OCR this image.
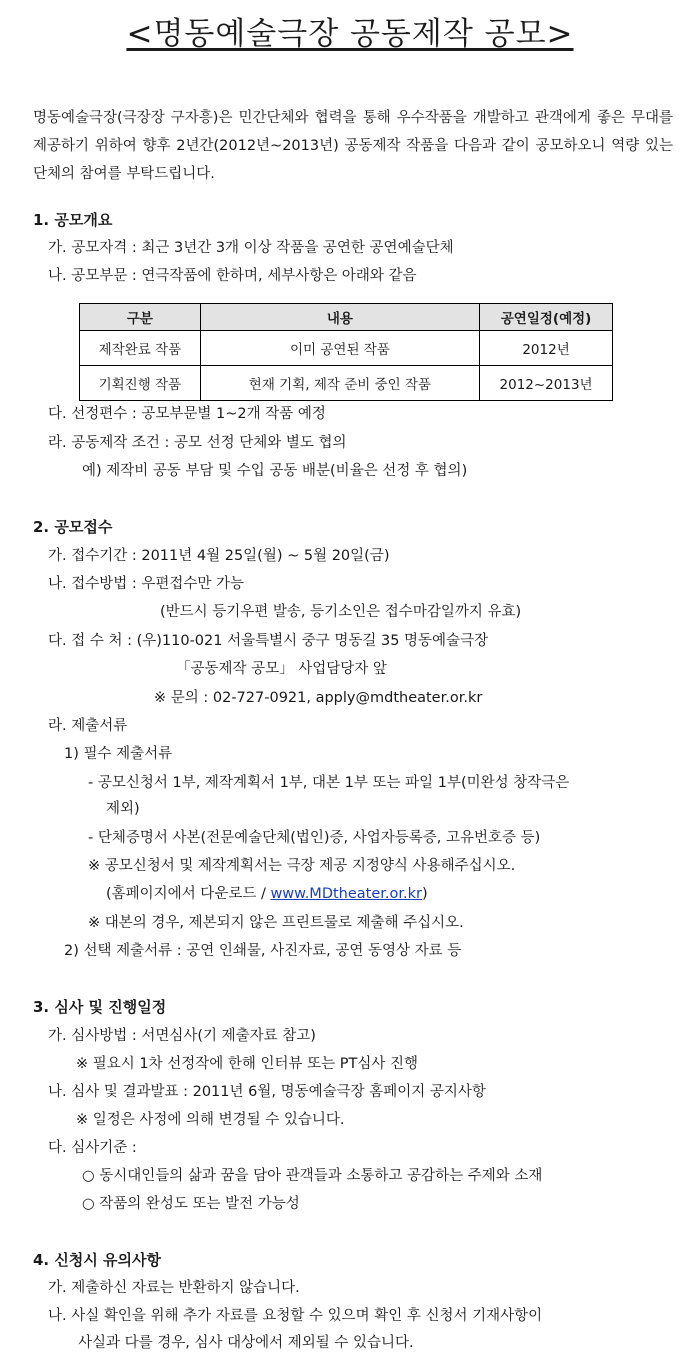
<명동예술극장 공동제작 공모>
명동예술극장(극장장 구자흥)은 민간단체와 협력을 통해 우수작품을 개발하고 관객에게 좋은 무대를 제공하기 위하여 향후 2년간(2012년~2013년) 공동제작 작품을 다음과 같이 공모하오니 역량 있는 단체의 참여를 부탁드립니다.
1. 공모개요
가. 공모자격 : 최근 3년간 3개 이상 작품을 공연한 공연예술단체
나. 공모부문 : 연극작품에 한하며, 세부사항은 아래와 같음
구분	내용	공연일정(예정)
제작완료 작품	이미 공연된 작품	2012년
기획진행 작품	현재 기획, 제작 준비 중인 작품	2012~2013년
다. 선정편수 : 공모부문별 1~2개 작품 예정
라. 공동제작 조건 : 공모 선정 단체와 별도 협의
예) 제작비 공동 부담 및 수입 공동 배분(비율은 선정 후 협의)
2. 공모접수
가. 접수기간 : 2011년 4월 25일(월) ~ 5월 20일(금)
나. 접수방법 : 우편접수만 가능
(반드시 등기우편 발송, 등기소인은 접수마감일까지 유효)
다. 접 수 처 : (우)110-021 서울특별시 중구 명동길 35 명동예술극장
「공동제작 공모」 사업담당자 앞
※ 문의 : 02-727-0921, apply@mdtheater.or.kr
라. 제출서류
1) 필수 제출서류
- 공모신청서 1부, 제작계획서 1부, 대본 1부 또는 파일 1부(미완성 창작극은
제외)
- 단체증명서 사본(전문예술단체(법인)증, 사업자등록증, 고유번호증 등)
※ 공모신청서 및 제작계획서는 극장 제공 지정양식 사용해주십시오.
(홈페이지에서 다운로드 / www.MDtheater.or.kr)
※ 대본의 경우, 제본되지 않은 프린트물로 제출해 주십시오.
2) 선택 제출서류 : 공연 인쇄물, 사진자료, 공연 동영상 자료 등
3. 심사 및 진행일정
가. 심사방법 : 서면심사(기 제출자료 참고)
※ 필요시 1차 선정작에 한해 인터뷰 또는 PT심사 진행
나. 심사 및 결과발표 : 2011년 6월, 명동예술극장 홈페이지 공지사항
※ 일정은 사정에 의해 변경될 수 있습니다.
다. 심사기준 :
○ 동시대인들의 삶과 꿈을 담아 관객들과 소통하고 공감하는 주제와 소재
○ 작품의 완성도 또는 발전 가능성
4. 신청시 유의사항
가. 제출하신 자료는 반환하지 않습니다.
나. 사실 확인을 위해 추가 자료를 요청할 수 있으며 확인 후 신청서 기재사항이
사실과 다를 경우, 심사 대상에서 제외될 수 있습니다.
